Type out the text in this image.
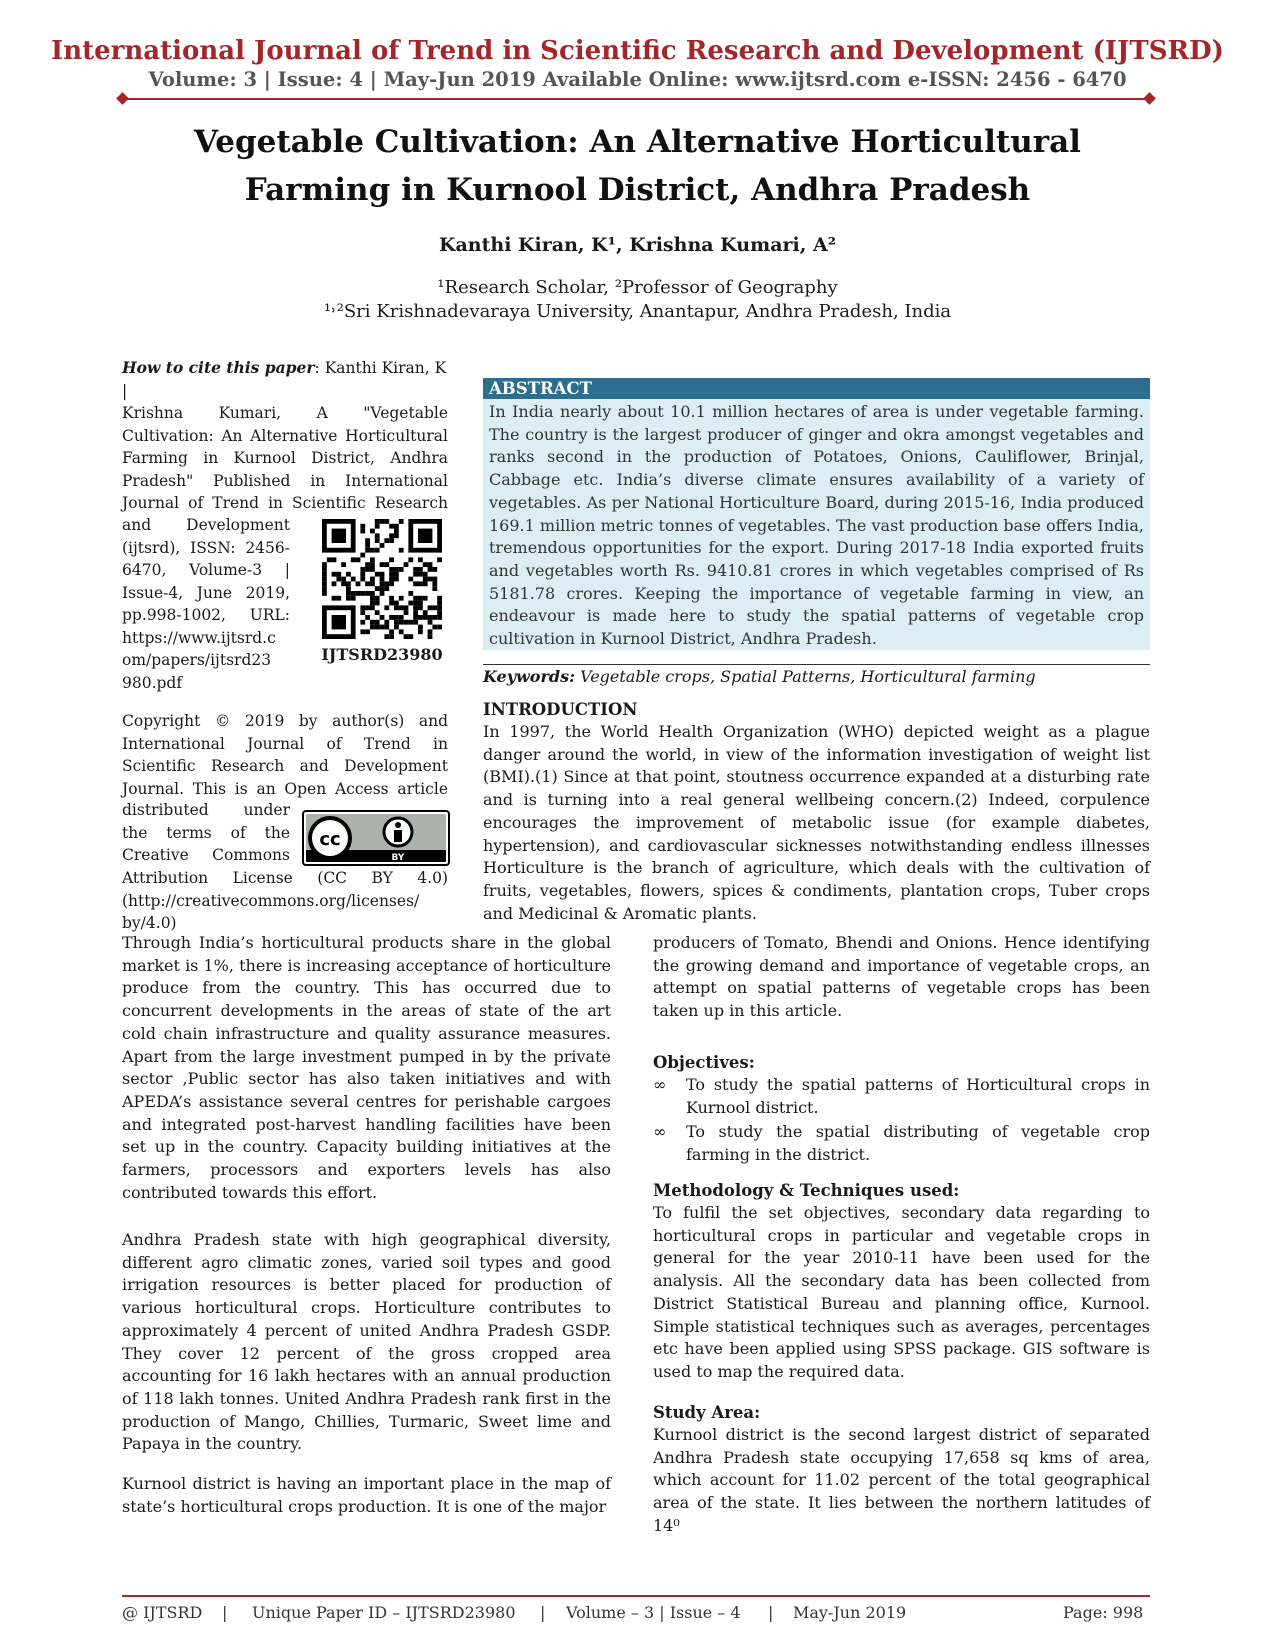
International Journal of Trend in Scientific Research and Development (IJTSRD)
Volume: 3 | Issue: 4 | May-Jun 2019 Available Online: www.ijtsrd.com e-ISSN: 2456 - 6470
Vegetable Cultivation: An Alternative Horticultural
Farming in Kurnool District, Andhra Pradesh
Kanthi Kiran, K¹, Krishna Kumari, A²
¹Research Scholar, ²Professor of Geography
¹˒²Sri Krishnadevaraya University, Anantapur, Andhra Pradesh, India
How to cite this paper: Kanthi Kiran, K |
Krishna Kumari, A "Vegetable
Cultivation: An Alternative Horticultural
Farming in Kurnool District, Andhra
Pradesh" Published in International
Journal of Trend in Scientific Research
and Development
(ijtsrd), ISSN: 2456-
6470, Volume-3 |
Issue-4, June 2019,
pp.998-1002, URL:
https://www.ijtsrd.c
om/papers/ijtsrd23
980.pdf
IJTSRD23980
Copyright © 2019 by author(s) and
International Journal of Trend in
Scientific Research and Development
Journal. This is an Open Access article
distributed under
the terms of the
Creative Commons
cc
BY
Attribution License (CC BY 4.0)
(http://creativecommons.org/licenses/
by/4.0)
ABSTRACT
In India nearly about 10.1 million hectares of area is under vegetable farming. The country is the largest producer of ginger and okra amongst vegetables and ranks second in the production of Potatoes, Onions, Cauliflower, Brinjal, Cabbage etc. India’s diverse climate ensures availability of a variety of vegetables. As per National Horticulture Board, during 2015-16, India produced 169.1 million metric tonnes of vegetables. The vast production base offers India, tremendous opportunities for the export. During 2017-18 India exported fruits and vegetables worth Rs. 9410.81 crores in which vegetables comprised of Rs 5181.78 crores. Keeping the importance of vegetable farming in view, an endeavour is made here to study the spatial patterns of vegetable crop cultivation in Kurnool District, Andhra Pradesh.
Keywords: Vegetable crops, Spatial Patterns, Horticultural farming
INTRODUCTION
In 1997, the World Health Organization (WHO) depicted weight as a plague danger around the world, in view of the information investigation of weight list (BMI).(1) Since at that point, stoutness occurrence expanded at a disturbing rate and is turning into a real general wellbeing concern.(2) Indeed, corpulence encourages the improvement of metabolic issue (for example diabetes, hypertension), and cardiovascular sicknesses notwithstanding endless illnesses Horticulture is the branch of agriculture, which deals with the cultivation of fruits, vegetables, flowers, spices & condiments, plantation crops, Tuber crops and Medicinal & Aromatic plants.
Through India’s horticultural products share in the global market is 1%, there is increasing acceptance of horticulture produce from the country. This has occurred due to concurrent developments in the areas of state of the art cold chain infrastructure and quality assurance measures. Apart from the large investment pumped in by the private sector ,Public sector has also taken initiatives and with APEDA’s assistance several centres for perishable cargoes and integrated post-harvest handling facilities have been set up in the country. Capacity building initiatives at the farmers, processors and exporters levels has also contributed towards this effort.
Andhra Pradesh state with high geographical diversity, different agro climatic zones, varied soil types and good irrigation resources is better placed for production of various horticultural crops. Horticulture contributes to approximately 4 percent of united Andhra Pradesh GSDP. They cover 12 percent of the gross cropped area accounting for 16 lakh hectares with an annual production of 118 lakh tonnes. United Andhra Pradesh rank first in the production of Mango, Chillies, Turmaric, Sweet lime and Papaya in the country.
Kurnool district is having an important place in the map of state’s horticultural crops production. It is one of the major
producers of Tomato, Bhendi and Onions. Hence identifying the growing demand and importance of vegetable crops, an attempt on spatial patterns of vegetable crops has been taken up in this article.
Objectives:
∞	To study the spatial patterns of Horticultural crops in Kurnool district.
∞	To study the spatial distributing of vegetable crop farming in the district.
Methodology & Techniques used:
To fulfil the set objectives, secondary data regarding to horticultural crops in particular and vegetable crops in general for the year 2010-11 have been used for the analysis. All the secondary data has been collected from District Statistical Bureau and planning office, Kurnool. Simple statistical techniques such as averages, percentages etc have been applied using SPSS package. GIS software is used to map the required data.
Study Area:
Kurnool district is the second largest district of separated Andhra Pradesh state occupying 17,658 sq kms of area, which account for 11.02 percent of the total geographical area of the state. It lies between the northern latitudes of 14⁰
@ IJTSRD | Unique Paper ID – IJTSRD23980 | Volume – 3 | Issue – 4 | May-Jun 2019	Page: 998
